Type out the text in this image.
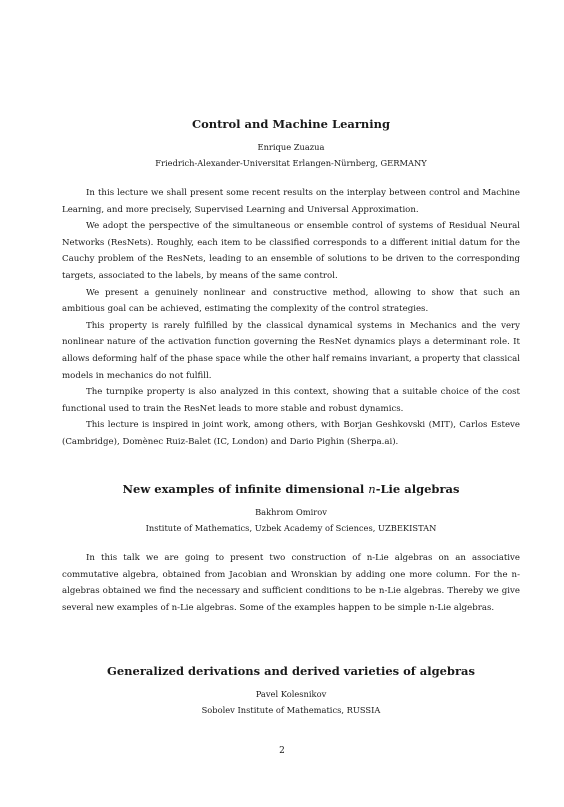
Control and Machine Learning
Enrique Zuazua
Friedrich-Alexander-Universitat Erlangen-Nürnberg, GERMANY

In this lecture we shall present some recent results on the interplay between control and Machine Learning, and more precisely, Supervised Learning and Universal Approximation.

We adopt the perspective of the simultaneous or ensemble control of systems of Residual Neural Networks (ResNets). Roughly, each item to be classified corresponds to a different initial datum for the Cauchy problem of the ResNets, leading to an ensemble of solutions to be driven to the corresponding targets, associated to the labels, by means of the same control.

We present a genuinely nonlinear and constructive method, allowing to show that such an ambitious goal can be achieved, estimating the complexity of the control strategies.

This property is rarely fulfilled by the classical dynamical systems in Mechanics and the very nonlinear nature of the activation function governing the ResNet dynamics plays a determinant role. It allows deforming half of the phase space while the other half remains invariant, a property that classical models in mechanics do not fulfill.

The turnpike property is also analyzed in this context, showing that a suitable choice of the cost functional used to train the ResNet leads to more stable and robust dynamics.

This lecture is inspired in joint work, among others, with Borjan Geshkovski (MIT), Carlos Esteve (Cambridge), Domènec Ruiz-Balet (IC, London) and Dario Pighin (Sherpa.ai).

New examples of infinite dimensional n-Lie algebras
Bakhrom Omirov
Institute of Mathematics, Uzbek Academy of Sciences, UZBEKISTAN

In this talk we are going to present two construction of n-Lie algebras on an associative commutative algebra, obtained from Jacobian and Wronskian by adding one more column. For the n-algebras obtained we find the necessary and sufficient conditions to be n-Lie algebras. Thereby we give several new examples of n-Lie algebras. Some of the examples happen to be simple n-Lie algebras.

Generalized derivations and derived varieties of algebras
Pavel Kolesnikov
Sobolev Institute of Mathematics, RUSSIA
2
